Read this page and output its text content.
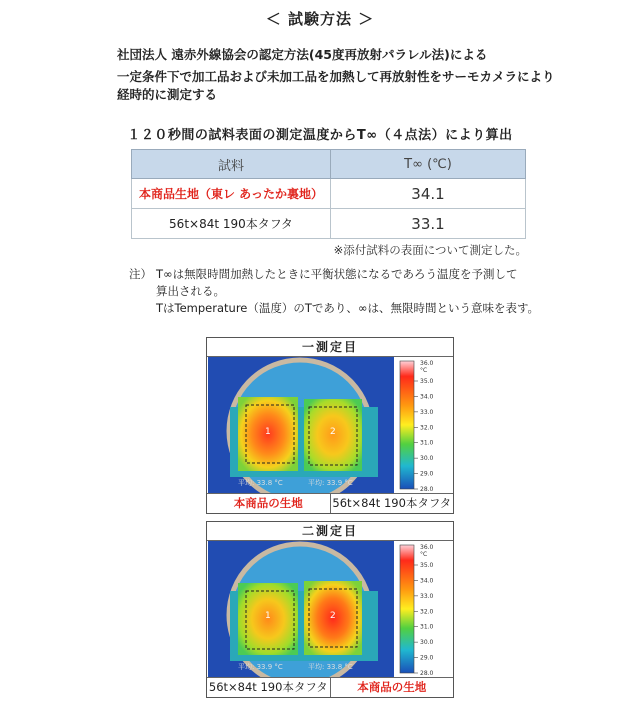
＜ 試験方法 ＞
社団法人 遠赤外線協会の認定方法(45度再放射パラレル法)による
一定条件下で加工品および未加工品を加熱して再放射性をサーモカメラにより
経時的に測定する
１２０秒間の試料表面の測定温度からT∞（４点法）により算出
試料	T∞ (℃)
本商品生地（東レ あったか裏地）	34.1
56t×84t 190本タフタ	33.1
※添付試料の表面について測定した。
注） T∞は無限時間加熱したときに平衡状態になるであろう温度を予測して
算出される。
TはTemperature（温度）のTであり、∞は、無限時間という意味を表す。
一測定目
1	2
平均: 33.8 °C	平均: 33.9 °C
36.0
°C
35.0
34.0
33.0
32.0
31.0
30.0
29.0
28.0
本商品の生地	56t×84t 190本タフタ
二測定目
1	2
平均: 33.9 °C	平均: 33.8 °C
36.0
°C
35.0
34.0
33.0
32.0
31.0
30.0
29.0
28.0
56t×84t 190本タフタ	本商品の生地
